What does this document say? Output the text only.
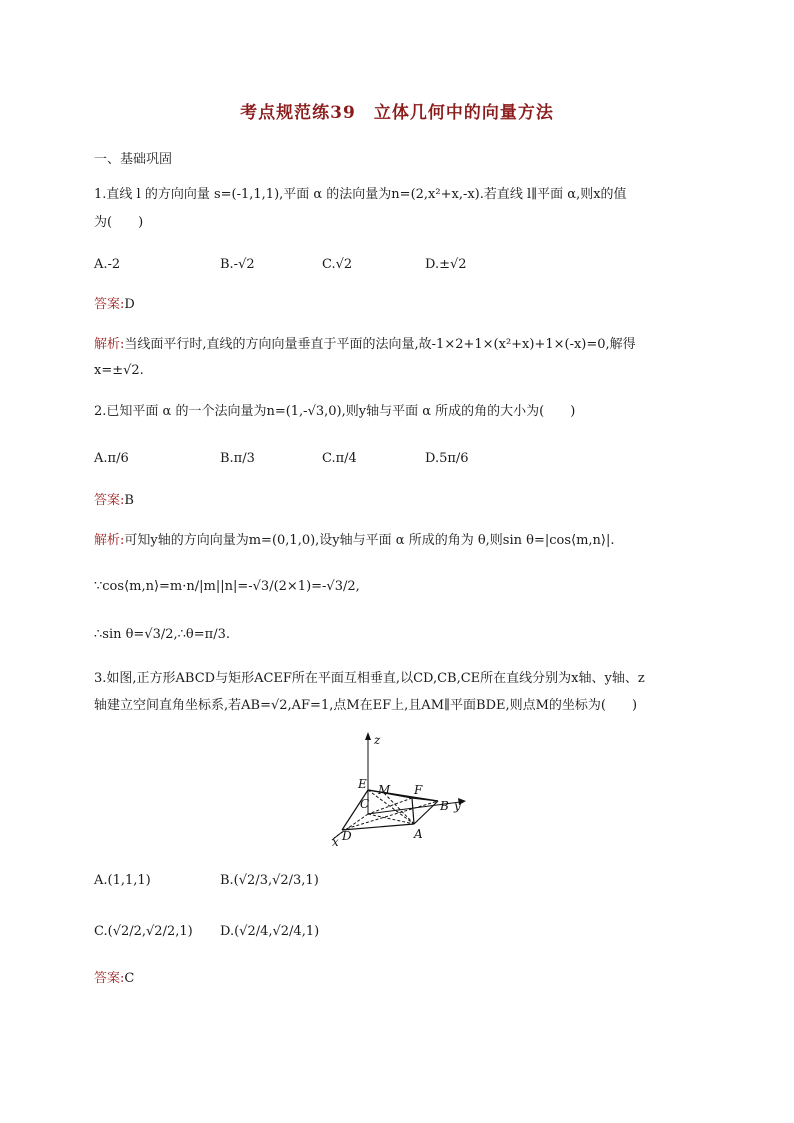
考点规范练39　立体几何中的向量方法
一、基础巩固
1.直线 l 的方向向量 s=(-1,1,1),平面 α 的法向量为n=(2,x²+x,-x).若直线 l∥平面 α,则x的值
为(　　)
A.-2	B.-√2	C.√2	D.±√2
答案:D
解析:当线面平行时,直线的方向向量垂直于平面的法向量,故-1×2+1×(x²+x)+1×(-x)=0,解得
x=±√2.
2.已知平面 α 的一个法向量为n=(1,-√3,0),则y轴与平面 α 所成的角的大小为(　　)
A.π/6	B.π/3	C.π/4	D.5π/6
答案:B
解析:可知y轴的方向向量为m=(0,1,0),设y轴与平面 α 所成的角为 θ,则sin θ=|cos⟨m,n⟩|.
∵cos⟨m,n⟩=m·n/|m||n|=-√3/(2×1)=-√3/2,
∴sin θ=√3/2,∴θ=π/3.
3.如图,正方形ABCD与矩形ACEF所在平面互相垂直,以CD,CB,CE所在直线分别为x轴、y轴、z
轴建立空间直角坐标系,若AB=√2,AF=1,点M在EF上,且AM∥平面BDE,则点M的坐标为(　　)
z
E	F
M
C	B y
D	A
x
A.(1,1,1)	B.(√2/3,√2/3,1)
C.(√2/2,√2/2,1) D.(√2/4,√2/4,1)
答案:C
